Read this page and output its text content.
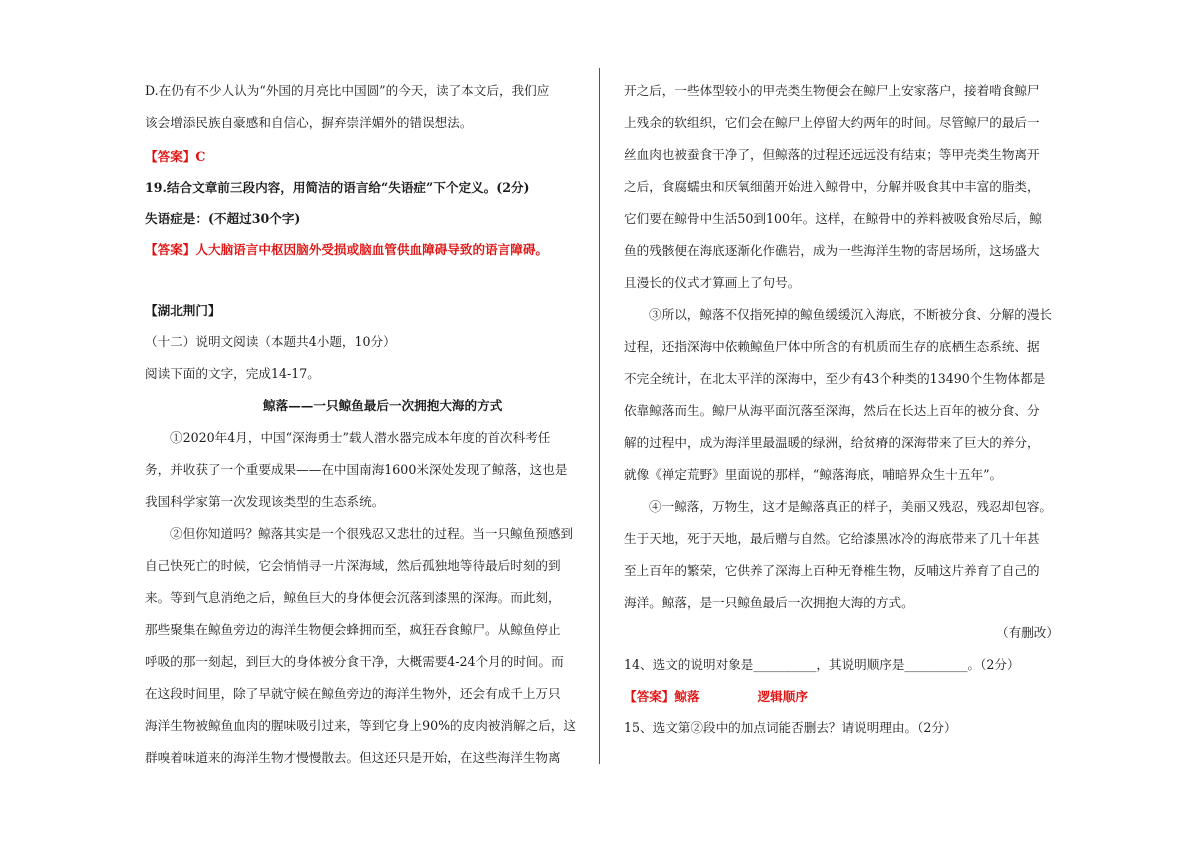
D.在仍有不少人认为“外国的月亮比中国圆”的今天，读了本文后，我们应
该会增添民族自豪感和自信心，摒弃崇洋媚外的错误想法。
【答案】C
19.结合文章前三段内容，用简洁的语言给“失语症”下个定义。(2分)
失语症是：(不超过30个字)
【答案】人大脑语言中枢因脑外受损或脑血管供血障碍导致的语言障碍。
【湖北荆门】
（十二）说明文阅读（本题共4小题，10分）
阅读下面的文字，完成14-17。
鲸落——一只鲸鱼最后一次拥抱大海的方式
①2020年4月，中国“深海勇士”载人潜水器完成本年度的首次科考任
务，并收获了一个重要成果——在中国南海1600米深处发现了鲸落，这也是
我国科学家第一次发现该类型的生态系统。
②但你知道吗？鲸落其实是一个很残忍又悲壮的过程。当一只鲸鱼预感到
自己快死亡的时候，它会悄悄寻一片深海域，然后孤独地等待最后时刻的到
来。等到气息消绝之后，鲸鱼巨大的身体便会沉落到漆黑的深海。而此刻，
那些聚集在鲸鱼旁边的海洋生物便会蜂拥而至，疯狂吞食鲸尸。从鲸鱼停止
呼吸的那一刻起，到巨大的身体被分食干净，大概需要4-24个月的时间。而
在这段时间里，除了早就守候在鲸鱼旁边的海洋生物外，还会有成千上万只
海洋生物被鲸鱼血肉的腥味吸引过来，等到它身上90%的皮肉被消解之后，这
群嗅着味道来的海洋生物才慢慢散去。但这还只是开始，在这些海洋生物离
开之后，一些体型较小的甲壳类生物便会在鲸尸上安家落户，接着啃食鲸尸
上残余的软组织，它们会在鲸尸上停留大约两年的时间。尽管鲸尸的最后一
丝血肉也被蚕食干净了，但鲸落的过程还远远没有结束；等甲壳类生物离开
之后，食腐蠕虫和厌氧细菌开始进入鲸骨中，分解并吸食其中丰富的脂类，
它们要在鲸骨中生活50到100年。这样，在鲸骨中的养料被吸食殆尽后，鲸
鱼的残骸便在海底逐渐化作礁岩，成为一些海洋生物的寄居场所，这场盛大
且漫长的仪式才算画上了句号。
③所以，鲸落不仅指死掉的鲸鱼缓缓沉入海底，不断被分食、分解的漫长
过程，还指深海中依赖鲸鱼尸体中所含的有机质而生存的底栖生态系统、据
不完全统计，在北太平洋的深海中，至少有43个种类的13490个生物体都是
依靠鲸落而生。鲸尸从海平面沉落至深海，然后在长达上百年的被分食、分
解的过程中，成为海洋里最温暖的绿洲，给贫瘠的深海带来了巨大的养分，
就像《禅定荒野》里面说的那样，“鲸落海底，哺暗界众生十五年”。
④一鲸落，万物生，这才是鲸落真正的样子，美丽又残忍，残忍却包容。
生于天地，死于天地，最后赠与自然。它给漆黑冰冷的海底带来了几十年甚
至上百年的繁荣，它供养了深海上百种无脊椎生物，反哺这片养育了自己的
海洋。鲸落，是一只鲸鱼最后一次拥抱大海的方式。
（有删改）
14、选文的说明对象是__________，其说明顺序是__________。（2分）
【答案】鲸落	逻辑顺序
15、选文第②段中的加点词能否删去？请说明理由。（2分）
